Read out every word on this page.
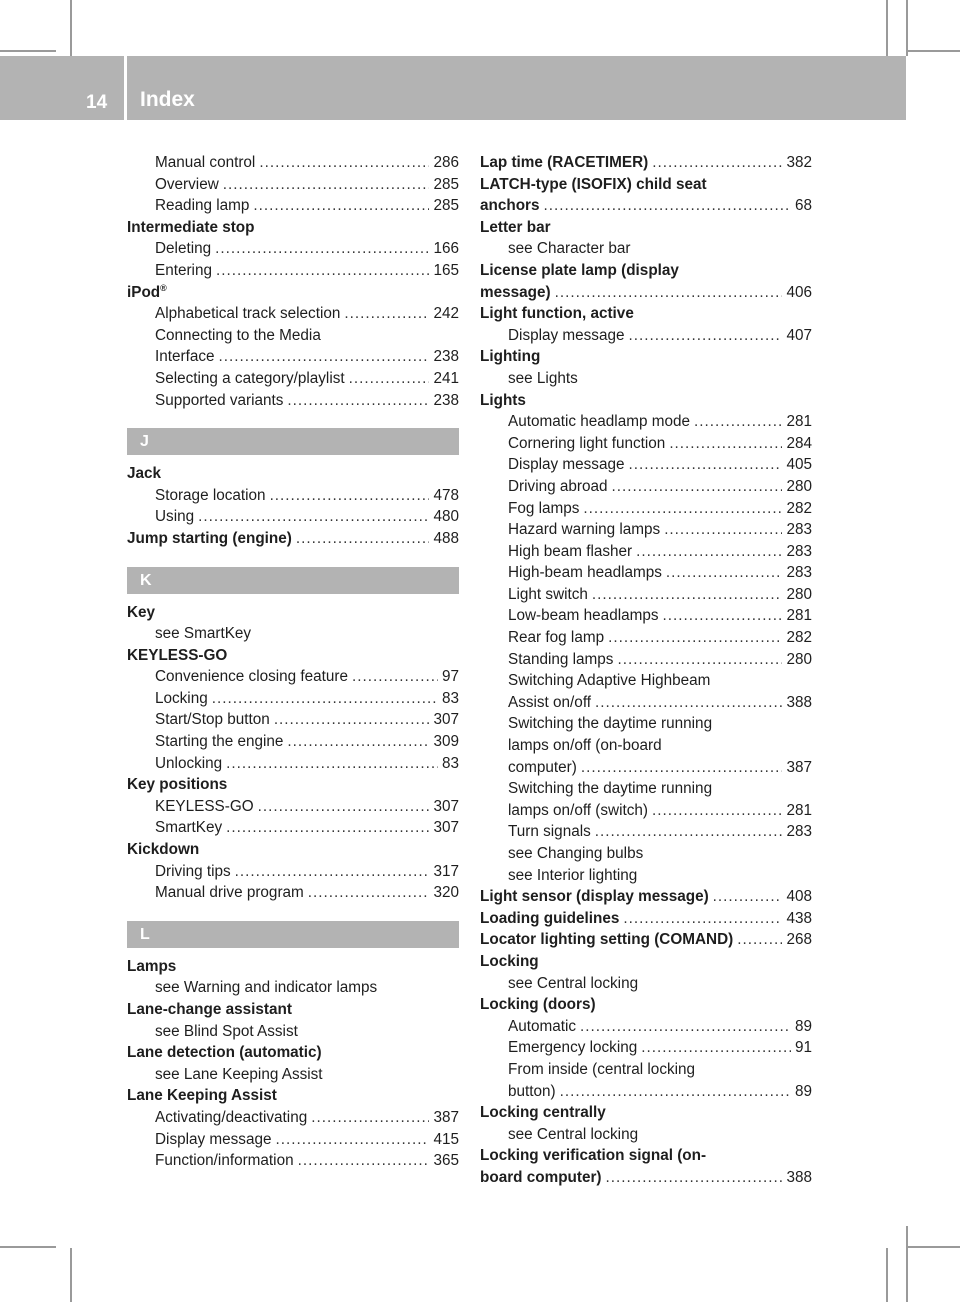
14 Index
Manual control .....	286
Overview .....	285
Reading lamp .....	285
Intermediate stop
Deleting .....	166
Entering .....	165
iPod®
Alphabetical track selection .....	242
Connecting to the Media
Interface .....	238
Selecting a category/playlist .....	241
Supported variants .....	238
J
Jack
Storage location .....	478
Using .....	480
Jump starting (engine) .....	488
K
Key
see SmartKey
KEYLESS-GO
Convenience closing feature .....	97
Locking .....	83
Start/Stop button .....	307
Starting the engine .....	309
Unlocking .....	83
Key positions
KEYLESS-GO .....	307
SmartKey .....	307
Kickdown
Driving tips .....	317
Manual drive program .....	320
L
Lamps
see Warning and indicator lamps
Lane-change assistant
see Blind Spot Assist
Lane detection (automatic)
see Lane Keeping Assist
Lane Keeping Assist
Activating/deactivating .....	387
Display message .....	415
Function/information .....	365
Lap time (RACETIMER) .....	382
LATCH-type (ISOFIX) child seat
anchors .....	68
Letter bar
see Character bar
License plate lamp (display
message) .....	406
Light function, active
Display message .....	407
Lighting
see Lights
Lights
Automatic headlamp mode .....	281
Cornering light function .....	284
Display message .....	405
Driving abroad .....	280
Fog lamps .....	282
Hazard warning lamps .....	283
High beam flasher .....	283
High-beam headlamps .....	283
Light switch .....	280
Low-beam headlamps .....	281
Rear fog lamp .....	282
Standing lamps .....	280
Switching Adaptive Highbeam
Assist on/off .....	388
Switching the daytime running
lamps on/off (on-board
computer) .....	387
Switching the daytime running
lamps on/off (switch) .....	281
Turn signals .....	283
see Changing bulbs
see Interior lighting
Light sensor (display message) .....	408
Loading guidelines .....	438
Locator lighting setting (COMAND) .....	268
Locking
see Central locking
Locking (doors)
Automatic .....	89
Emergency locking .....	91
From inside (central locking
button) .....	89
Locking centrally
see Central locking
Locking verification signal (on-
board computer) .....	388
